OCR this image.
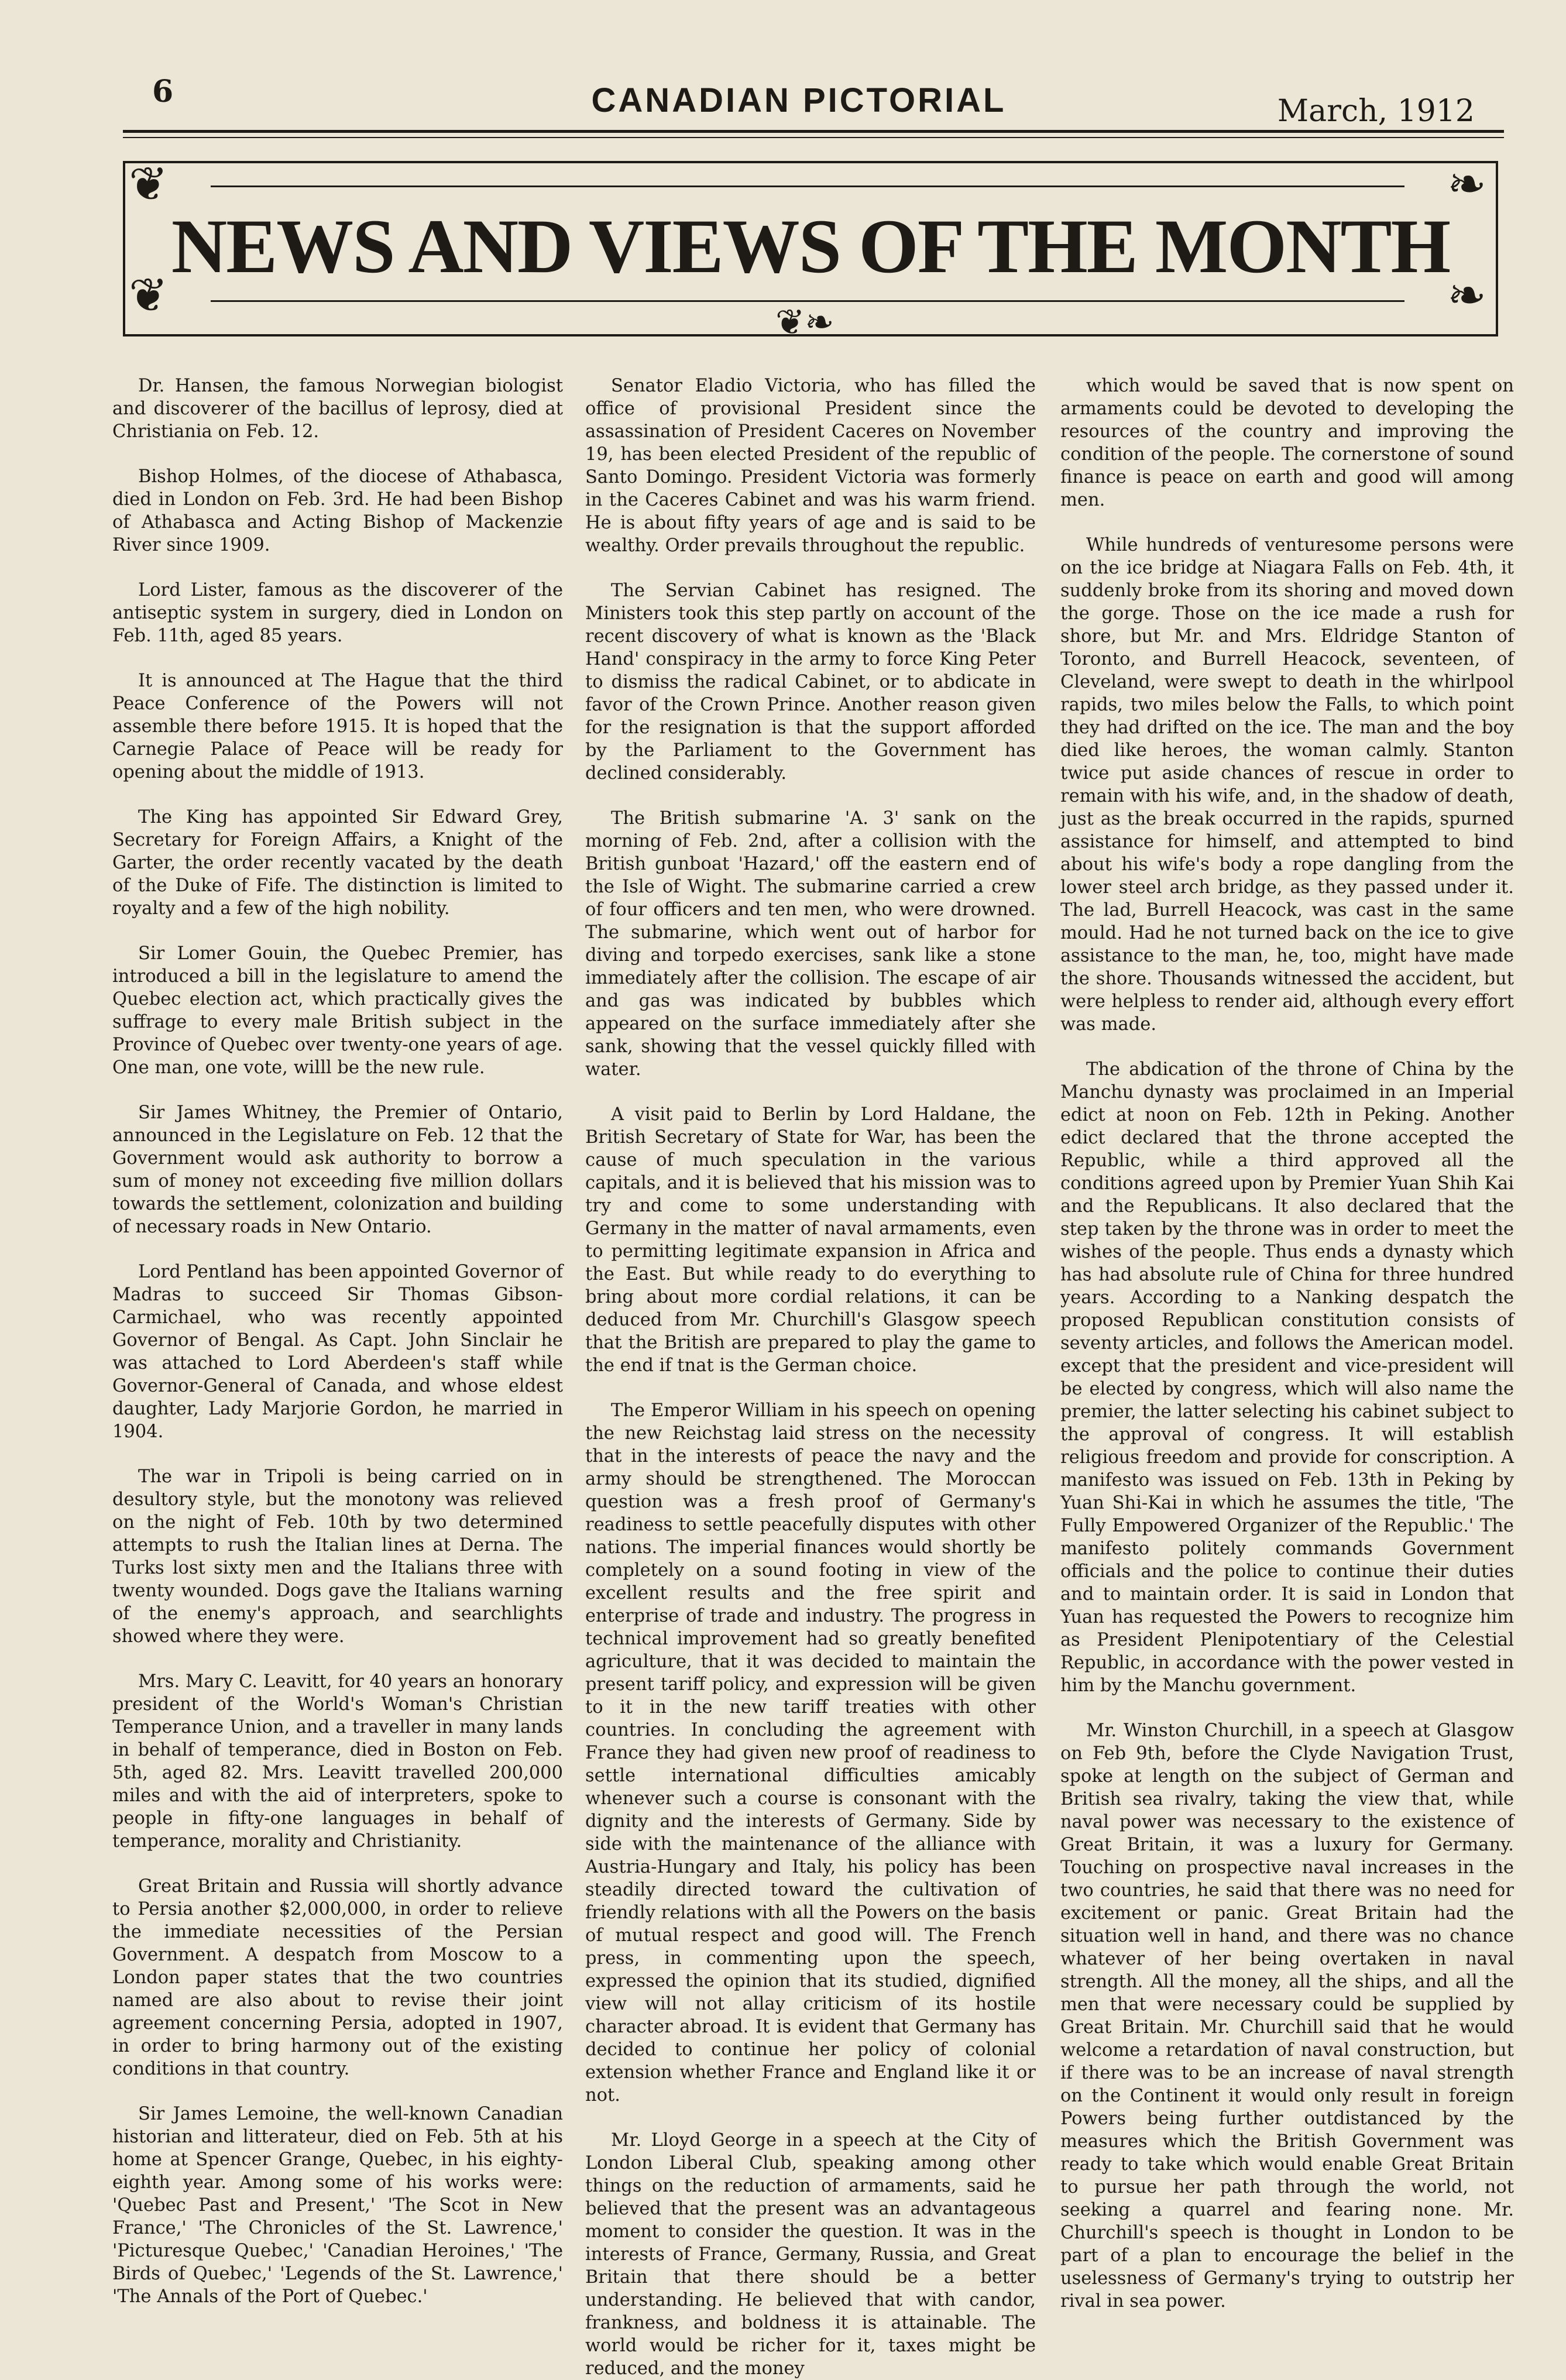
6	CANADIAN PICTORIAL	March, 1912
❦
❦
❧
❧
❦❧
NEWS AND VIEWS OF THE MONTH

Dr. Hansen, the famous Norwegian biologist and discoverer of the bacillus of leprosy, died at Christiania on Feb. 12.

Bishop Holmes, of the diocese of Athabasca, died in London on Feb. 3rd. He had been Bishop of Athabasca and Acting Bishop of Mackenzie River since 1909.

Lord Lister, famous as the discoverer of the antiseptic system in surgery, died in London on Feb. 11th, aged 85 years.

It is announced at The Hague that the third Peace Conference of the Powers will not assemble there before 1915. It is hoped that the Carnegie Palace of Peace will be ready for opening about the middle of 1913.

The King has appointed Sir Edward Grey, Secretary for Foreign Affairs, a Knight of the Garter, the order recently vacated by the death of the Duke of Fife. The distinction is limited to royalty and a few of the high nobility.

Sir Lomer Gouin, the Quebec Premier, has introduced a bill in the legislature to amend the Quebec election act, which practically gives the suffrage to every male British subject in the Province of Quebec over twenty-one years of age. One man, one vote, willl be the new rule.

Sir James Whitney, the Premier of Ontario, announced in the Legislature on Feb. 12 that the Government would ask authority to borrow a sum of money not exceeding five million dollars towards the settlement, colonization and building of necessary roads in New Ontario.

Lord Pentland has been appointed Governor of Madras to succeed Sir Thomas Gibson-Carmichael, who was recently appointed Governor of Bengal. As Capt. John Sinclair he was attached to Lord Aberdeen's staff while Governor-General of Canada, and whose eldest daughter, Lady Marjorie Gordon, he married in 1904.

The war in Tripoli is being carried on in desultory style, but the monotony was relieved on the night of Feb. 10th by two determined attempts to rush the Italian lines at Derna. The Turks lost sixty men and the Italians three with twenty wounded. Dogs gave the Italians warning of the enemy's approach, and searchlights showed where they were.

Mrs. Mary C. Leavitt, for 40 years an honorary president of the World's Woman's Christian Temperance Union, and a traveller in many lands in behalf of temperance, died in Boston on Feb. 5th, aged 82. Mrs. Leavitt travelled 200,000 miles and with the aid of interpreters, spoke to people in fifty-one languages in behalf of temperance, morality and Christianity.

Great Britain and Russia will shortly advance to Persia another $2,000,000, in order to relieve the immediate necessities of the Persian Government. A despatch from Moscow to a London paper states that the two countries named are also about to revise their joint agreement concerning Persia, adopted in 1907, in order to bring harmony out of the existing conditions in that country.

Sir James Lemoine, the well-known Canadian historian and litterateur, died on Feb. 5th at his home at Spencer Grange, Quebec, in his eighty-eighth year. Among some of his works were: 'Quebec Past and Present,' 'The Scot in New France,' 'The Chronicles of the St. Lawrence,' 'Picturesque Quebec,' 'Canadian Heroines,' 'The Birds of Quebec,' 'Legends of the St. Lawrence,' 'The Annals of the Port of Quebec.'

Senator Eladio Victoria, who has filled the office of provisional President since the assassination of President Caceres on November 19, has been elected President of the republic of Santo Domingo. President Victoria was formerly in the Caceres Cabinet and was his warm friend. He is about fifty years of age and is said to be wealthy. Order prevails throughout the republic.

The Servian Cabinet has resigned. The Ministers took this step partly on account of the recent discovery of what is known as the 'Black Hand' conspiracy in the army to force King Peter to dismiss the radical Cabinet, or to abdicate in favor of the Crown Prince. Another reason given for the resignation is that the support afforded by the Parliament to the Government has declined considerably.

The British submarine 'A. 3' sank on the morning of Feb. 2nd, after a collision with the British gunboat 'Hazard,' off the eastern end of the Isle of Wight. The submarine carried a crew of four officers and ten men, who were drowned. The submarine, which went out of harbor for diving and torpedo exercises, sank like a stone immediately after the collision. The escape of air and gas was indicated by bubbles which appeared on the surface immediately after she sank, showing that the vessel quickly filled with water.

A visit paid to Berlin by Lord Haldane, the British Secretary of State for War, has been the cause of much speculation in the various capitals, and it is believed that his mission was to try and come to some understanding with Germany in the matter of naval armaments, even to permitting legitimate expansion in Africa and the East. But while ready to do everything to bring about more cordial relations, it can be deduced from Mr. Churchill's Glasgow speech that the British are prepared to play the game to the end if tnat is the German choice.

The Emperor William in his speech on opening the new Reichstag laid stress on the necessity that in the interests of peace the navy and the army should be strengthened. The Moroccan question was a fresh proof of Germany's readiness to settle peacefully disputes with other nations. The imperial finances would shortly be completely on a sound footing in view of the excellent results and the free spirit and enterprise of trade and industry. The progress in technical improvement had so greatly benefited agriculture, that it was decided to maintain the present tariff policy, and expression will be given to it in the new tariff treaties with other countries. In concluding the agreement with France they had given new proof of readiness to settle international difficulties amicably whenever such a course is consonant with the dignity and the interests of Germany. Side by side with the maintenance of the alliance with Austria-Hungary and Italy, his policy has been steadily directed toward the cultivation of friendly relations with all the Powers on the basis of mutual respect and good will. The French press, in commenting upon the speech, expressed the opinion that its studied, dignified view will not allay criticism of its hostile character abroad. It is evident that Germany has decided to continue her policy of colonial extension whether France and England like it or not.

Mr. Lloyd George in a speech at the City of London Liberal Club, speaking among other things on the reduction of armaments, said he believed that the present was an advantageous moment to consider the question. It was in the interests of France, Germany, Russia, and Great Britain that there should be a better understanding. He believed that with candor, frankness, and boldness it is attainable. The world would be richer for it, taxes might be reduced, and the money

which would be saved that is now spent on armaments could be devoted to developing the resources of the country and improving the condition of the people. The cornerstone of sound finance is peace on earth and good will among men.

While hundreds of venturesome persons were on the ice bridge at Niagara Falls on Feb. 4th, it suddenly broke from its shoring and moved down the gorge. Those on the ice made a rush for shore, but Mr. and Mrs. Eldridge Stanton of Toronto, and Burrell Heacock, seventeen, of Cleveland, were swept to death in the whirlpool rapids, two miles below the Falls, to which point they had drifted on the ice. The man and the boy died like heroes, the woman calmly. Stanton twice put aside chances of rescue in order to remain with his wife, and, in the shadow of death, just as the break occurred in the rapids, spurned assistance for himself, and attempted to bind about his wife's body a rope dangling from the lower steel arch bridge, as they passed under it. The lad, Burrell Heacock, was cast in the same mould. Had he not turned back on the ice to give assistance to the man, he, too, might have made the shore. Thousands witnessed the accident, but were helpless to render aid, although every effort was made.

The abdication of the throne of China by the Manchu dynasty was proclaimed in an Imperial edict at noon on Feb. 12th in Peking. Another edict declared that the throne accepted the Republic, while a third approved all the conditions agreed upon by Premier Yuan Shih Kai and the Republicans. It also declared that the step taken by the throne was in order to meet the wishes of the people. Thus ends a dynasty which has had absolute rule of China for three hundred years. According to a Nanking despatch the proposed Republican constitution consists of seventy articles, and follows the American model. except that the president and vice-president will be elected by congress, which will also name the premier, the latter selecting his cabinet subject to the approval of congress. It will establish religious freedom and provide for conscription. A manifesto was issued on Feb. 13th in Peking by Yuan Shi-Kai in which he assumes the title, 'The Fully Empowered Organizer of the Republic.' The manifesto politely commands Government officials and the police to continue their duties and to maintain order. It is said in London that Yuan has requested the Powers to recognize him as President Plenipotentiary of the Celestial Republic, in accordance with the power vested in him by the Manchu government.

Mr. Winston Churchill, in a speech at Glasgow on Feb 9th, before the Clyde Navigation Trust, spoke at length on the subject of German and British sea rivalry, taking the view that, while naval power was necessary to the existence of Great Britain, it was a luxury for Germany. Touching on prospective naval increases in the two countries, he said that there was no need for excitement or panic. Great Britain had the situation well in hand, and there was no chance whatever of her being overtaken in naval strength. All the money, all the ships, and all the men that were necessary could be supplied by Great Britain. Mr. Churchill said that he would welcome a retardation of naval construction, but if there was to be an increase of naval strength on the Continent it would only result in foreign Powers being further outdistanced by the measures which the British Government was ready to take which would enable Great Britain to pursue her path through the world, not seeking a quarrel and fearing none. Mr. Churchill's speech is thought in London to be part of a plan to encourage the belief in the uselessness of Germany's trying to outstrip her rival in sea power.
